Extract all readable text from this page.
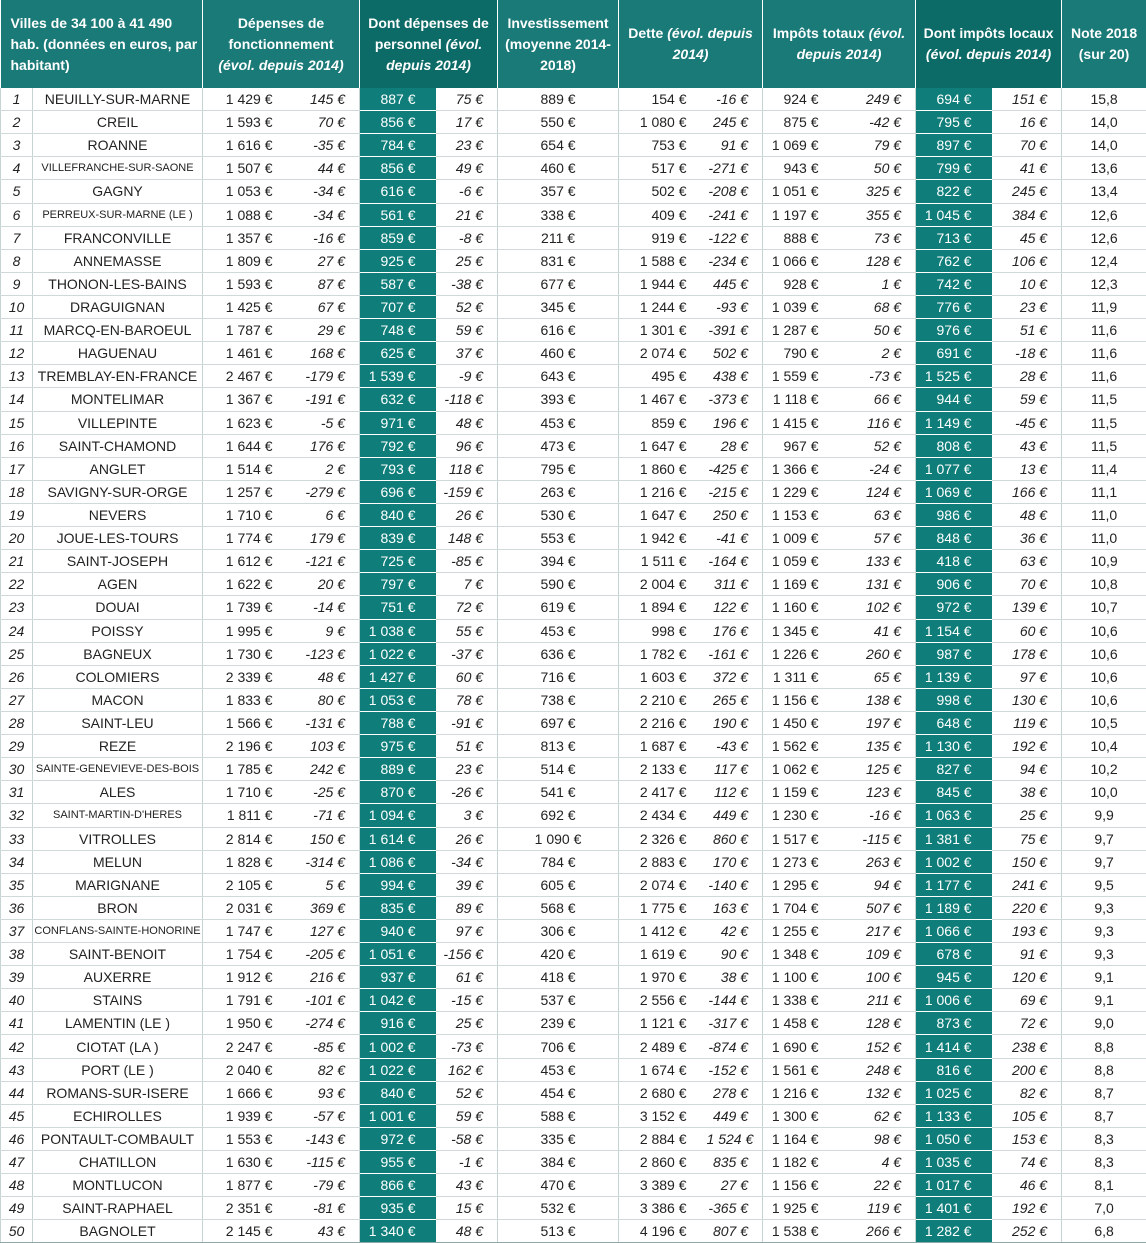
Villes de 34 100 à 41 490 hab. (données en euros, par habitant)		Dépenses de fonctionnement
(évol. depuis 2014)		Dont dépenses de personnel (évol. depuis 2014)		Investissement (moyenne 2014-2018)	Dette (évol. depuis 2014)		Impôts totaux (évol. depuis 2014)		Dont impôts locaux (évol. depuis 2014)		Note 2018 (sur 20)
1	NEUILLY-SUR-MARNE	1 429 €	145 €	887 €	75 €	889 €	154 €	-16 €	924 €	249 €	694 €	151 €	15,8
2	CREIL	1 593 €	70 €	856 €	17 €	550 €	1 080 €	245 €	875 €	-42 €	795 €	16 €	14,0
3	ROANNE	1 616 €	-35 €	784 €	23 €	654 €	753 €	91 €	1 069 €	79 €	897 €	70 €	14,0
4	VILLEFRANCHE-SUR-SAONE	1 507 €	44 €	856 €	49 €	460 €	517 €	-271 €	943 €	50 €	799 €	41 €	13,6
5	GAGNY	1 053 €	-34 €	616 €	-6 €	357 €	502 €	-208 €	1 051 €	325 €	822 €	245 €	13,4
6	PERREUX-SUR-MARNE (LE )	1 088 €	-34 €	561 €	21 €	338 €	409 €	-241 €	1 197 €	355 €	1 045 €	384 €	12,6
7	FRANCONVILLE	1 357 €	-16 €	859 €	-8 €	211 €	919 €	-122 €	888 €	73 €	713 €	45 €	12,6
8	ANNEMASSE	1 809 €	27 €	925 €	25 €	831 €	1 588 €	-234 €	1 066 €	128 €	762 €	106 €	12,4
9	THONON-LES-BAINS	1 593 €	87 €	587 €	-38 €	677 €	1 944 €	445 €	928 €	1 €	742 €	10 €	12,3
10	DRAGUIGNAN	1 425 €	67 €	707 €	52 €	345 €	1 244 €	-93 €	1 039 €	68 €	776 €	23 €	11,9
11	MARCQ-EN-BAROEUL	1 787 €	29 €	748 €	59 €	616 €	1 301 €	-391 €	1 287 €	50 €	976 €	51 €	11,6
12	HAGUENAU	1 461 €	168 €	625 €	37 €	460 €	2 074 €	502 €	790 €	2 €	691 €	-18 €	11,6
13	TREMBLAY-EN-FRANCE	2 467 €	-179 €	1 539 €	-9 €	643 €	495 €	438 €	1 559 €	-73 €	1 525 €	28 €	11,6
14	MONTELIMAR	1 367 €	-191 €	632 €	-118 €	393 €	1 467 €	-373 €	1 118 €	66 €	944 €	59 €	11,5
15	VILLEPINTE	1 623 €	-5 €	971 €	48 €	453 €	859 €	196 €	1 415 €	116 €	1 149 €	-45 €	11,5
16	SAINT-CHAMOND	1 644 €	176 €	792 €	96 €	473 €	1 647 €	28 €	967 €	52 €	808 €	43 €	11,5
17	ANGLET	1 514 €	2 €	793 €	118 €	795 €	1 860 €	-425 €	1 366 €	-24 €	1 077 €	13 €	11,4
18	SAVIGNY-SUR-ORGE	1 257 €	-279 €	696 €	-159 €	263 €	1 216 €	-215 €	1 229 €	124 €	1 069 €	166 €	11,1
19	NEVERS	1 710 €	6 €	840 €	26 €	530 €	1 647 €	250 €	1 153 €	63 €	986 €	48 €	11,0
20	JOUE-LES-TOURS	1 774 €	179 €	839 €	148 €	553 €	1 942 €	-41 €	1 009 €	57 €	848 €	36 €	11,0
21	SAINT-JOSEPH	1 612 €	-121 €	725 €	-85 €	394 €	1 511 €	-164 €	1 059 €	133 €	418 €	63 €	10,9
22	AGEN	1 622 €	20 €	797 €	7 €	590 €	2 004 €	311 €	1 169 €	131 €	906 €	70 €	10,8
23	DOUAI	1 739 €	-14 €	751 €	72 €	619 €	1 894 €	122 €	1 160 €	102 €	972 €	139 €	10,7
24	POISSY	1 995 €	9 €	1 038 €	55 €	453 €	998 €	176 €	1 345 €	41 €	1 154 €	60 €	10,6
25	BAGNEUX	1 730 €	-123 €	1 022 €	-37 €	636 €	1 782 €	-161 €	1 226 €	260 €	987 €	178 €	10,6
26	COLOMIERS	2 339 €	48 €	1 427 €	60 €	716 €	1 603 €	372 €	1 311 €	65 €	1 139 €	97 €	10,6
27	MACON	1 833 €	80 €	1 053 €	78 €	738 €	2 210 €	265 €	1 156 €	138 €	998 €	130 €	10,6
28	SAINT-LEU	1 566 €	-131 €	788 €	-91 €	697 €	2 216 €	190 €	1 450 €	197 €	648 €	119 €	10,5
29	REZE	2 196 €	103 €	975 €	51 €	813 €	1 687 €	-43 €	1 562 €	135 €	1 130 €	192 €	10,4
30	SAINTE-GENEVIEVE-DES-BOIS	1 785 €	242 €	889 €	23 €	514 €	2 133 €	117 €	1 062 €	125 €	827 €	94 €	10,2
31	ALES	1 710 €	-25 €	870 €	-26 €	541 €	2 417 €	112 €	1 159 €	123 €	845 €	38 €	10,0
32	SAINT-MARTIN-D'HERES	1 811 €	-71 €	1 094 €	3 €	692 €	2 434 €	449 €	1 230 €	-16 €	1 063 €	25 €	9,9
33	VITROLLES	2 814 €	150 €	1 614 €	26 €	1 090 €	2 326 €	860 €	1 517 €	-115 €	1 381 €	75 €	9,7
34	MELUN	1 828 €	-314 €	1 086 €	-34 €	784 €	2 883 €	170 €	1 273 €	263 €	1 002 €	150 €	9,7
35	MARIGNANE	2 105 €	5 €	994 €	39 €	605 €	2 074 €	-140 €	1 295 €	94 €	1 177 €	241 €	9,5
36	BRON	2 031 €	369 €	835 €	89 €	568 €	1 775 €	163 €	1 704 €	507 €	1 189 €	220 €	9,3
37	CONFLANS-SAINTE-HONORINE	1 747 €	127 €	940 €	97 €	306 €	1 412 €	42 €	1 255 €	217 €	1 066 €	193 €	9,3
38	SAINT-BENOIT	1 754 €	-205 €	1 051 €	-156 €	420 €	1 619 €	90 €	1 348 €	109 €	678 €	91 €	9,3
39	AUXERRE	1 912 €	216 €	937 €	61 €	418 €	1 970 €	38 €	1 100 €	100 €	945 €	120 €	9,1
40	STAINS	1 791 €	-101 €	1 042 €	-15 €	537 €	2 556 €	-144 €	1 338 €	211 €	1 006 €	69 €	9,1
41	LAMENTIN (LE )	1 950 €	-274 €	916 €	25 €	239 €	1 121 €	-317 €	1 458 €	128 €	873 €	72 €	9,0
42	CIOTAT (LA )	2 247 €	-85 €	1 002 €	-73 €	706 €	2 489 €	-874 €	1 690 €	152 €	1 414 €	238 €	8,8
43	PORT (LE )	2 040 €	82 €	1 022 €	162 €	453 €	1 674 €	-152 €	1 561 €	248 €	816 €	200 €	8,8
44	ROMANS-SUR-ISERE	1 666 €	93 €	840 €	52 €	454 €	2 680 €	278 €	1 216 €	132 €	1 025 €	82 €	8,7
45	ECHIROLLES	1 939 €	-57 €	1 001 €	59 €	588 €	3 152 €	449 €	1 300 €	62 €	1 133 €	105 €	8,7
46	PONTAULT-COMBAULT	1 553 €	-143 €	972 €	-58 €	335 €	2 884 €	1 524 €	1 164 €	98 €	1 050 €	153 €	8,3
47	CHATILLON	1 630 €	-115 €	955 €	-1 €	384 €	2 860 €	835 €	1 182 €	4 €	1 035 €	74 €	8,3
48	MONTLUCON	1 877 €	-79 €	866 €	43 €	470 €	3 389 €	27 €	1 156 €	22 €	1 017 €	46 €	8,1
49	SAINT-RAPHAEL	2 351 €	-81 €	935 €	15 €	532 €	3 386 €	-365 €	1 925 €	119 €	1 401 €	192 €	7,0
50	BAGNOLET	2 145 €	43 €	1 340 €	48 €	513 €	4 196 €	807 €	1 538 €	266 €	1 282 €	252 €	6,8
